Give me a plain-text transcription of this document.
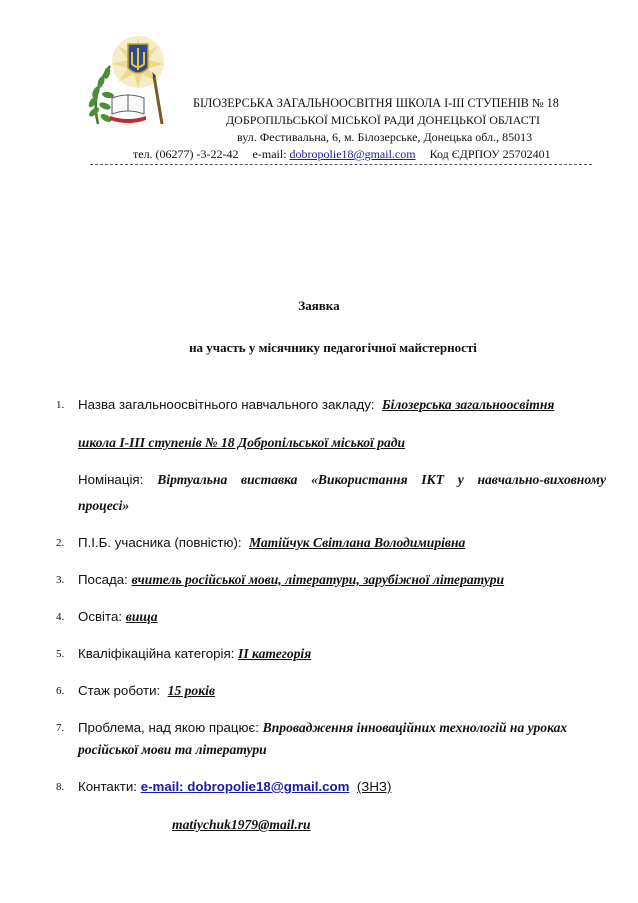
БІЛОЗЕРСЬКА ЗАГАЛЬНООСВІТНЯ ШКОЛА І-ІІІ СТУПЕНІВ № 18
ДОБРОПІЛЬСЬКОЇ МІСЬКОЇ РАДИ ДОНЕЦЬКОЇ ОБЛАСТІ
вул. Фестивальна, 6, м. Білозерське, Донецька обл., 85013
тел. (06277) -3-22-42 e-mail: dobropolie18@gmail.com Код ЄДРПОУ 25702401
Заявка
на участь у місячнику педагогічної майстерності
1. Назва загальноосвітнього навчального закладу: Білозерська загальноосвітня
школа І-ІІІ ступенів № 18 Добропільської міської ради
Номінація: Віртуальна виставка «Використання ІКТ у навчально-виховному
процесі»
2. П.І.Б. учасника (повністю): Матійчук Світлана Володимирівна
3. Посада: вчитель російської мови, літератури, зарубіжної літератури
4. Освіта: вища
5. Кваліфікаційна категорія: ІІ категорія
6. Стаж роботи: 15 років
7. Проблема, над якою працює: Впровадження інноваційних технологій на уроках
російської мови та літератури
8. Контакти: e-mail: dobropolie18@gmail.com (ЗНЗ)
matiychuk1979@mail.ru
